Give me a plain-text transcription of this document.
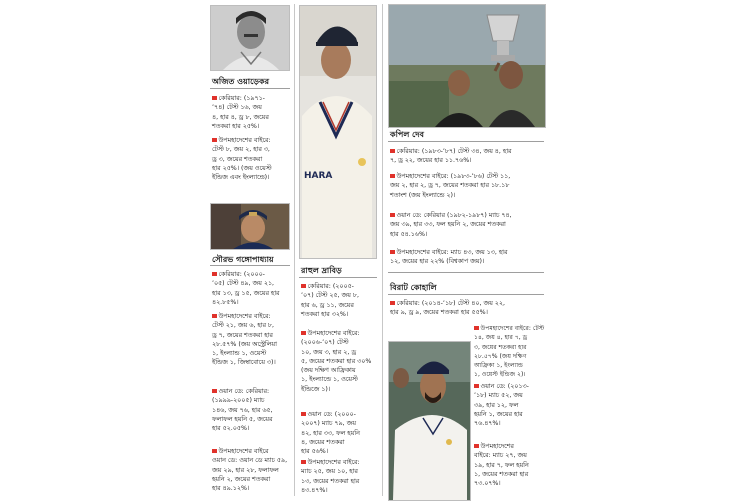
অজিত ওয়াড়েকর
কেরিয়ার: (১৯৭১-
’৭৪) টেস্ট ১৬, জয়
৪, হার ৪, ড্র ৮, জয়ের
শতকরা হার ২৫%।
উপমহাদেশের বাইরে:
টেস্ট ৮, জয় ২, হার ৩,
ড্র ৩, জয়ের শতকরা
হার ২৫%। (জয় ওয়েস্ট
ইন্ডিজ এবং ইংল্যান্ডে)।
সৌরভ গঙ্গোপাধ্যায়
কেরিয়ার: (২০০০-
’০৫) টেস্ট ৪৯, জয় ২১,
হার ১৩, ড্র ১৫, জয়ের হার
৪২.৮৫%।
উপমহাদেশের বাইরে:
টেস্ট ২১, জয় ৬, হার ৮,
ড্র ৭, জয়ের শতকরা হার
২৮.৫৭% (জয় অস্ট্রেলিয়া
১, ইংল্যান্ড ১, ওয়েস্ট
ইন্ডিজ ১, জিম্বাবোয়ে ৩)।
ওয়ান ডে: কেরিয়ার:
(১৯৯৯-২০০৫) ম্যাচ
১৪৬, জয় ৭৬, হার ৬৫,
ফলাফল হয়নি ৫, জয়ের
হার ৫২.০৫%।
উপমহাদেশের বাইরে
ওয়ান ডে: ওয়ান ডে ম্যাচ ৫৯,
জয় ২৯, হার ২৮, ফলাফল
হয়নি ২, জয়ের শতকরা
হার ৪৯.১২%।
HARA
রাহুল দ্রাবিড়
কেরিয়ার: (২০০৫-
’০৭) টেস্ট ২৫, জয় ৮,
হার ৬, ড্র ১১, জয়ের
শতকরা হার ৩২%।
উপমহাদেশের বাইরে:
(২০০৬-’০৭) টেস্ট
১০, জয় ৩, হার ২, ড্র
৫, জয়ের শতকরা হার ৩০%
(জয় দক্ষিণ আফ্রিকায়
১, ইংল্যান্ডে ১, ওয়েস্ট
ইন্ডিজে ১)।
ওয়ান ডে: (২০০০-
২০০৭) ম্যাচ ৭৯, জয়
৪২, হার ৩৩, ফল হয়নি
৪, জয়ের শতকরা
হার ৫৬%।
উপমহাদেশের বাইরে:
ম্যাচ ২৫, জয় ১০, হার
১৩, জয়ের শতকরা হার
৪৩.৪৭%।
কপিল দেব
কেরিয়ার: (১৯৮৩-’৮৭) টেস্ট ৩৪, জয় ৪, হার
৭, ড্র ২২, জয়ের হার ১১.৭৬%।
উপমহাদেশের বাইরে: (১৯৮৩-’৮৬) টেস্ট ১১,
জয় ২, হার ২, ড্র ৭, জয়ের শতকরা হার ১৮.১৮
শতাংশ (জয় ইংল্যান্ডে ২)।
ওয়ান ডে: কেরিয়ার (১৯৮২-১৯৮৭) ম্যাচ ৭৪,
জয় ৩৯, হার ৩৩, ফল হয়নি ২, জয়ের শতকরা
হার ৫৪.১৬%।
উপমহাদেশের বাইরে: ম্যাচ ৪৩, জয় ১৩, হার
১২, জয়ের হার ২২% (বিশ্বকাপ জয়)।
বিরাট কোহালি
কেরিয়ার: (২০১৪-’১৮) টেস্ট ৪০, জয় ২২,
হার ৯, ড্র ৯, জয়ের শতকরা হার ৫৫%।
উপমহাদেশের বাইরে: টেস্ট ১৪, জয় ৪, হার ৭, ড্র
৩, জয়ের শতকরা হার
২৮.৫৭% (জয় দক্ষিণ
আফ্রিকা ১, ইংল্যান্ড
১, ওয়েস্ট ইন্ডিজ ২)।
ওয়ান ডে: (২০১৩-
’১৮) ম্যাচ ৫২, জয়
৩৯, হার ১২, ফল
হয়নি ১, জয়ের হার
৭৬.৪৭%।
উপমহাদেশের
বাইরে: ম্যাচ ২৭, জয়
১৯, হার ৭, ফল হয়নি
১, জয়ের শতকরা হার
৭৩.০৭%।
